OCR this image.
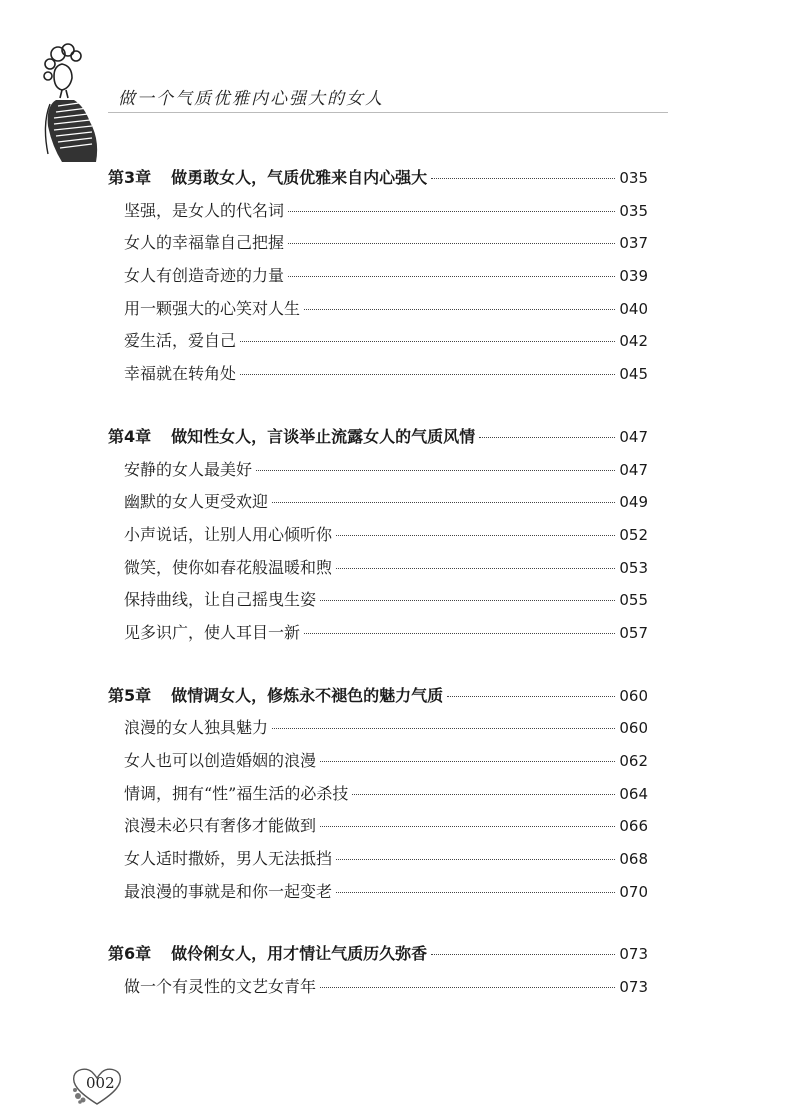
做一个气质优雅内心强大的女人
第3章 做勇敢女人，气质优雅来自内心强大	035
坚强，是女人的代名词	035
女人的幸福靠自己把握	037
女人有创造奇迹的力量	039
用一颗强大的心笑对人生	040
爱生活，爱自己	042
幸福就在转角处	045
第4章 做知性女人，言谈举止流露女人的气质风情	047
安静的女人最美好	047
幽默的女人更受欢迎	049
小声说话，让别人用心倾听你	052
微笑，使你如春花般温暖和煦	053
保持曲线，让自己摇曳生姿	055
见多识广，使人耳目一新	057
第5章 做情调女人，修炼永不褪色的魅力气质	060
浪漫的女人独具魅力	060
女人也可以创造婚姻的浪漫	062
情调，拥有“性”福生活的必杀技	064
浪漫未必只有奢侈才能做到	066
女人适时撒娇，男人无法抵挡	068
最浪漫的事就是和你一起变老	070
第6章 做伶俐女人，用才情让气质历久弥香	073
做一个有灵性的文艺女青年	073
002
